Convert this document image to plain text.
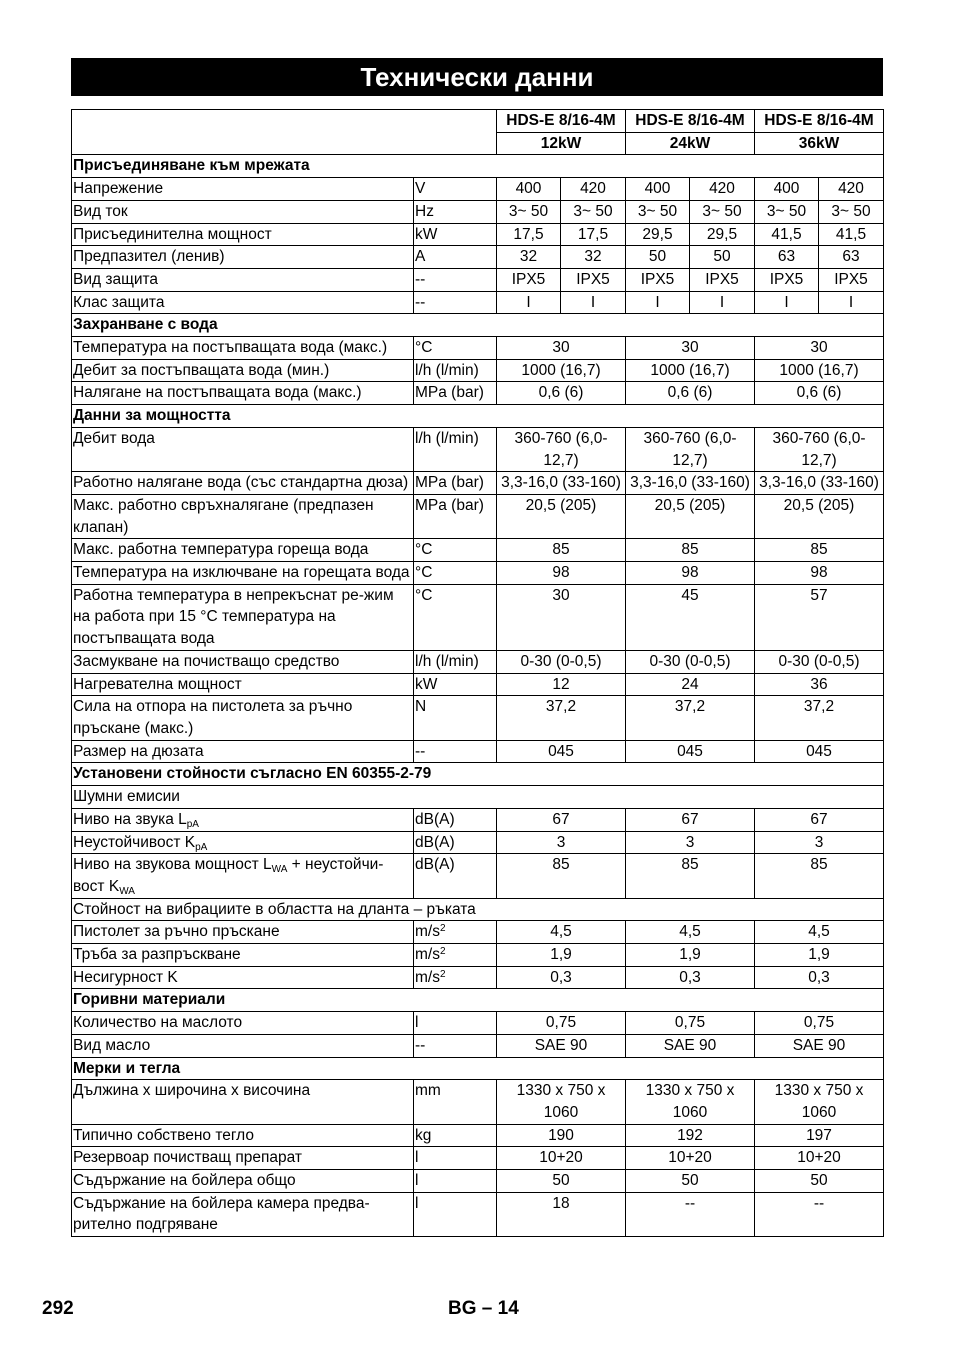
Технически данни
		HDS-E 8/16-4M		HDS-E 8/16-4M		HDS-E 8/16-4M	
		12kW		24kW		36kW	
Присъединяване към мрежата							
Напрежение	V	400	420	400	420	400	420
Вид ток	Hz	3~ 50	3~ 50	3~ 50	3~ 50	3~ 50	3~ 50
Присъединителна мощност	kW	17,5	17,5	29,5	29,5	41,5	41,5
Предпазител (ленив)	A	32	32	50	50	63	63
Вид защита	--	IPX5	IPX5	IPX5	IPX5	IPX5	IPX5
Клас защита	--	I	I	I	I	I	I
Захранване с вода							
Температура на постъпващата вода (макс.)	°C	30		30		30	
Дебит за постъпващата вода (мин.)	l/h (l/min)	1000 (16,7)		1000 (16,7)		1000 (16,7)	
Налягане на постъпващата вода (макс.)	MPa (bar)	0,6 (6)		0,6 (6)		0,6 (6)	
Данни за мощността							
Дебит вода	l/h (l/min)	360-760 (6,0-12,7)		360-760 (6,0-12,7)		360-760 (6,0-12,7)	
Работно налягане вода (със стандартна дюза)	MPa (bar)	3,3-16,0 (33-160)		3,3-16,0 (33-160)		3,3-16,0 (33-160)	
Макс. работно свръхналягане (предпазен клапан)	MPa (bar)	20,5 (205)		20,5 (205)		20,5 (205)	
Макс. работна температура гореща вода	°C	85		85		85	
Температура на изключване на горещата вода	°C	98		98		98	
Работна температура в непрекъснат ре-жим на работа при 15 °C температура на постъпващата вода	°C	30		45		57	
Засмукване на почистващо средство	l/h (l/min)	0-30 (0-0,5)		0-30 (0-0,5)		0-30 (0-0,5)	
Нагревателна мощност	kW	12		24		36	
Сила на отпора на пистолета за ръчно пръскане (макс.)	N	37,2		37,2		37,2	
Размер на дюзата	--	045		045		045	
Установени стойности съгласно EN 60355-2-79							
Шумни емисии							
Ниво на звука $L_{pA}$	dB(A)	67		67		67	
Неустойчивост $K_{pA}$	dB(A)	3		3		3	
Ниво на звукова мощност $L_{WA}$ + неустойчи-вост $K_{WA}$	dB(A)	85		85		85	
Стойност на вибрациите в областта на дланта – ръката							
Пистолет за ръчно пръскане	$m/s^2$	4,5		4,5		4,5	
Тръба за разпръскване	$m/s^2$	1,9		1,9		1,9	
Несигурност K	$m/s^2$	0,3		0,3		0,3	
Горивни материали							
Количество на маслото	l	0,75		0,75		0,75	
Вид масло	--	SAE 90		SAE 90		SAE 90	
Мерки и тегла							
Дължина x широчина x височина	mm	1330 x 750 x 1060		1330 x 750 x 1060		1330 x 750 x 1060	
Типично собствено тегло	kg	190		192		197	
Резервоар почистващ препарат	l	10+20		10+20		10+20	
Съдържание на бойлера общо	l	50		50		50	
Съдържание на бойлера камера предва-рително подгряване	l	18		--		--	
292	BG – 14
